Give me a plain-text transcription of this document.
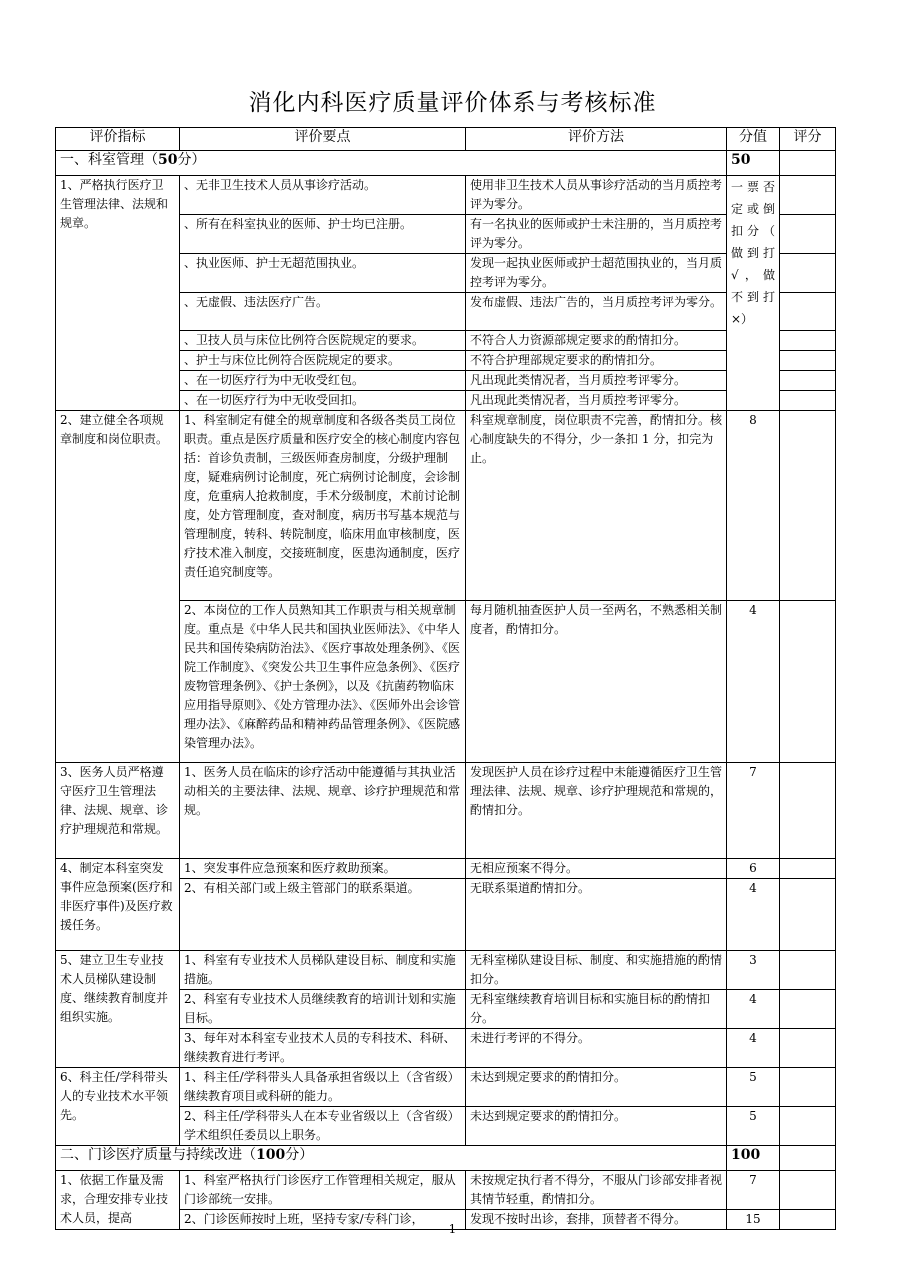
消化内科医疗质量评价体系与考核标准
评价指标	评价要点	评价方法	分值	评分
一、科室管理（50分）			50	
1、严格执行医疗卫生管理法律、法规和规章。	、无非卫生技术人员从事诊疗活动。	使用非卫生技术人员从事诊疗活动的当月质控考评为零分。	一 票 否 定 或 倒 扣 分 （ 做 到 打 √，做 不 到 打×）	
	、所有在科室执业的医师、护士均已注册。	有一名执业的医师或护士未注册的，当月质控考评为零分。		
	、执业医师、护士无超范围执业。	发现一起执业医师或护士超范围执业的，当月质控考评为零分。		
	、无虚假、违法医疗广告。	发布虚假、违法广告的，当月质控考评为零分。		
	、卫技人员与床位比例符合医院规定的要求。	不符合人力资源部规定要求的酌情扣分。		
	、护士与床位比例符合医院规定的要求。	不符合护理部规定要求的酌情扣分。		
	、在一切医疗行为中无收受红包。	凡出现此类情况者，当月质控考评零分。		
	、在一切医疗行为中无收受回扣。	凡出现此类情况者，当月质控考评零分。		
2、建立健全各项规章制度和岗位职责。	1、科室制定有健全的规章制度和各级各类员工岗位职责。重点是医疗质量和医疗安全的核心制度内容包括：首诊负责制，三级医师查房制度，分级护理制度，疑难病例讨论制度，死亡病例讨论制度，会诊制度，危重病人抢救制度，手术分级制度，术前讨论制度，处方管理制度，查对制度，病历书写基本规范与管理制度，转科、转院制度，临床用血审核制度，医疗技术准入制度，交接班制度，医患沟通制度，医疗责任追究制度等。	科室规章制度，岗位职责不完善，酌情扣分。核心制度缺失的不得分，少一条扣 1 分，扣完为止。	8	
	2、本岗位的工作人员熟知其工作职责与相关规章制度。重点是《中华人民共和国执业医师法》、《中华人民共和国传染病防治法》、《医疗事故处理条例》、《医院工作制度》、《突发公共卫生事件应急条例》、《医疗废物管理条例》、《护士条例》，以及《抗菌药物临床应用指导原则》、《处方管理办法》、《医师外出会诊管理办法》、《麻醉药品和精神药品管理条例》、《医院感染管理办法》。	每月随机抽查医护人员一至两名，不熟悉相关制度者，酌情扣分。	4	
3、医务人员严格遵守医疗卫生管理法律、法规、规章、诊疗护理规范和常规。	1、医务人员在临床的诊疗活动中能遵循与其执业活动相关的主要法律、法规、规章、诊疗护理规范和常规。	发现医护人员在诊疗过程中未能遵循医疗卫生管理法律、法规、规章、诊疗护理规范和常规的，酌情扣分。	7	
4、制定本科室突发事件应急预案(医疗和非医疗事件)及医疗救援任务。	1、突发事件应急预案和医疗救助预案。	无相应预案不得分。	6	
	2、有相关部门或上级主管部门的联系渠道。	无联系渠道酌情扣分。	4	
5、建立卫生专业技术人员梯队建设制度、继续教育制度并组织实施。	1、科室有专业技术人员梯队建设目标、制度和实施措施。	无科室梯队建设目标、制度、和实施措施的酌情扣分。	3	
	2、科室有专业技术人员继续教育的培训计划和实施目标。	无科室继续教育培训目标和实施目标的酌情扣分。	4	
	3、每年对本科室专业技术人员的专科技术、科研、继续教育进行考评。	未进行考评的不得分。	4	
6、科主任/学科带头人的专业技术水平领先。	1、科主任/学科带头人具备承担省级以上（含省级）继续教育项目或科研的能力。	未达到规定要求的酌情扣分。	5	
	2、科主任/学科带头人在本专业省级以上（含省级）学术组织任委员以上职务。	未达到规定要求的酌情扣分。	5	
二、门诊医疗质量与持续改进（100分）			100	
1、依据工作量及需求，合理安排专业技术人员，提高	1、科室严格执行门诊医疗工作管理相关规定，服从门诊部统一安排。	未按规定执行者不得分，不服从门诊部安排者视其情节轻重，酌情扣分。	7	
	2、门诊医师按时上班，坚持专家/专科门诊，	发现不按时出诊，套排，顶替者不得分。	15	
1
